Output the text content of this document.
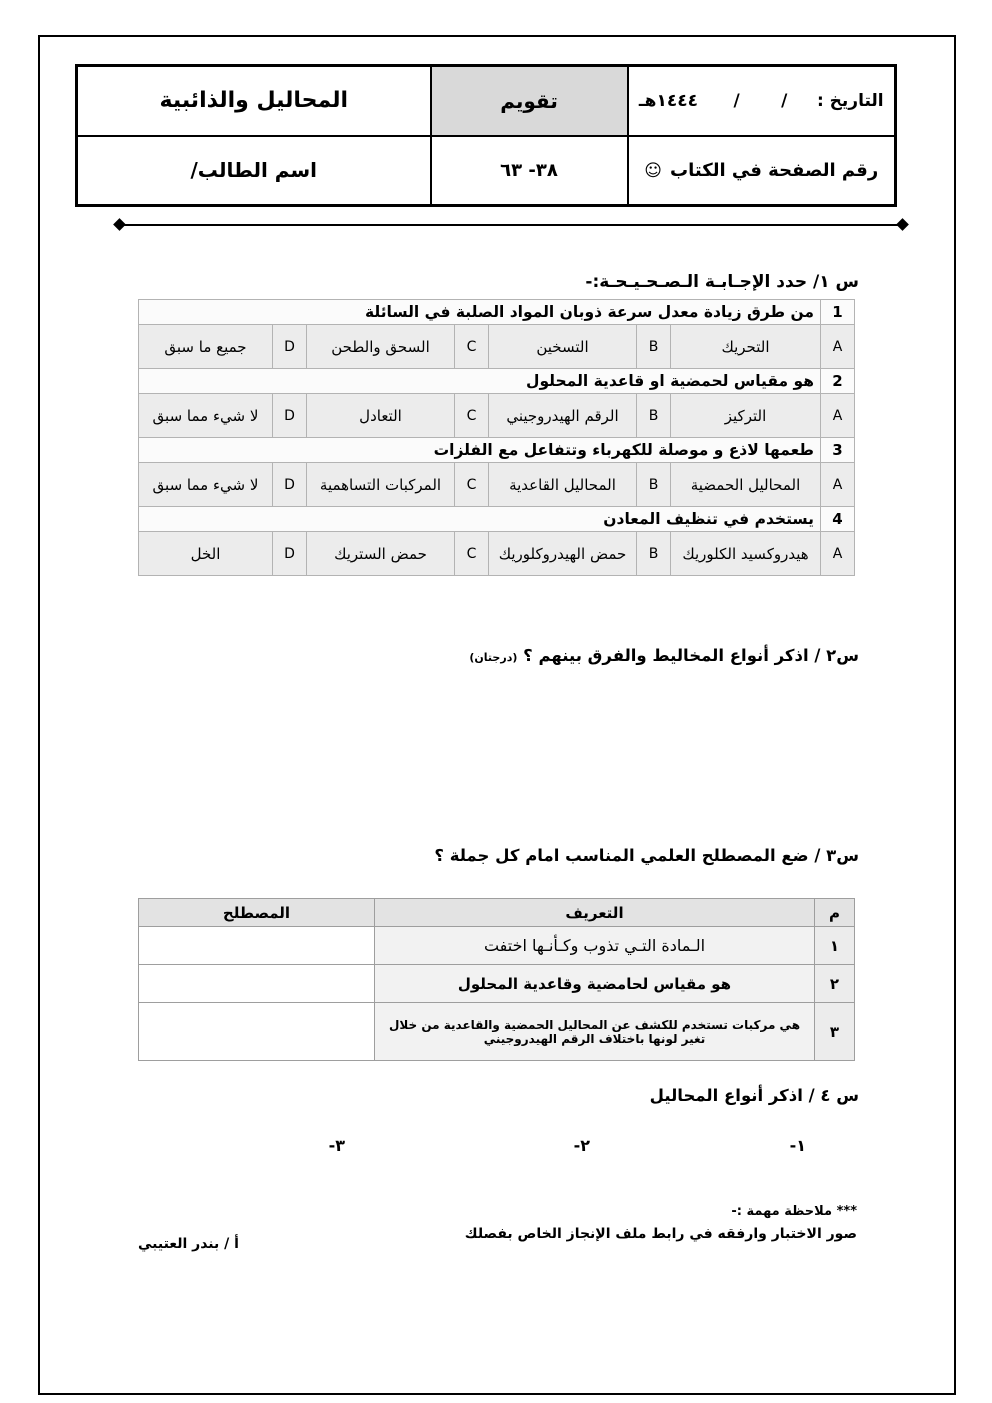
التاريخ :     /       /      ١٤٤٤هـ	تقويم	المحاليل والذائبية
رقم الصفحة في الكتاب☺	٣٨- ٦٣	اسم الطالب/
س ١/ حدد الإجـابـة الـصـحـيـحـة:-
1	من طرق زيادة معدل سرعة ذوبان المواد الصلبة في السائلة						
A	التحريك	B	التسخين	C	السحق والطحن	D	جميع ما سبق
2	هو مقياس لحمضية او قاعدية المحلول						
A	التركيز	B	الرقم الهيدروجيني	C	التعادل	D	لا شيء مما سبق
3	طعمها لاذع و موصلة للكهرباء وتتفاعل مع الفلزات						
A	المحاليل الحمضية	B	المحاليل القاعدية	C	المركبات التساهمية	D	لا شيء مما سبق
4	يستخدم في تنظيف المعادن						
A	هيدروكسيد الكلوريك	B	حمض الهيدروكلوريك	C	حمض الستريك	D	الخل
س٢ / اذكر أنواع المخاليط والفرق بينهم ؟ (درجتان)
س٣ / ضع المصطلح العلمي المناسب امام كل جملة ؟
م	التعريف	المصطلح
١	الـمادة التـي تذوب وكـأنـها اختفت	
٢	هو مقياس لحامضية وقاعدية المحلول	
٣	هي مركبات تستخدم للكشف عن المحاليل الحمضية والقاعدية من خلال تغير لونها باختلاف الرقم الهيدروجيني	
س ٤ / اذكر أنواع المحاليل
١-
٢-
٣-
*** ملاحظة مهمة :-
صور الاختبار وارفقه في رابط ملف الإنجاز الخاص بفصلك
أ / بندر العتيبي
